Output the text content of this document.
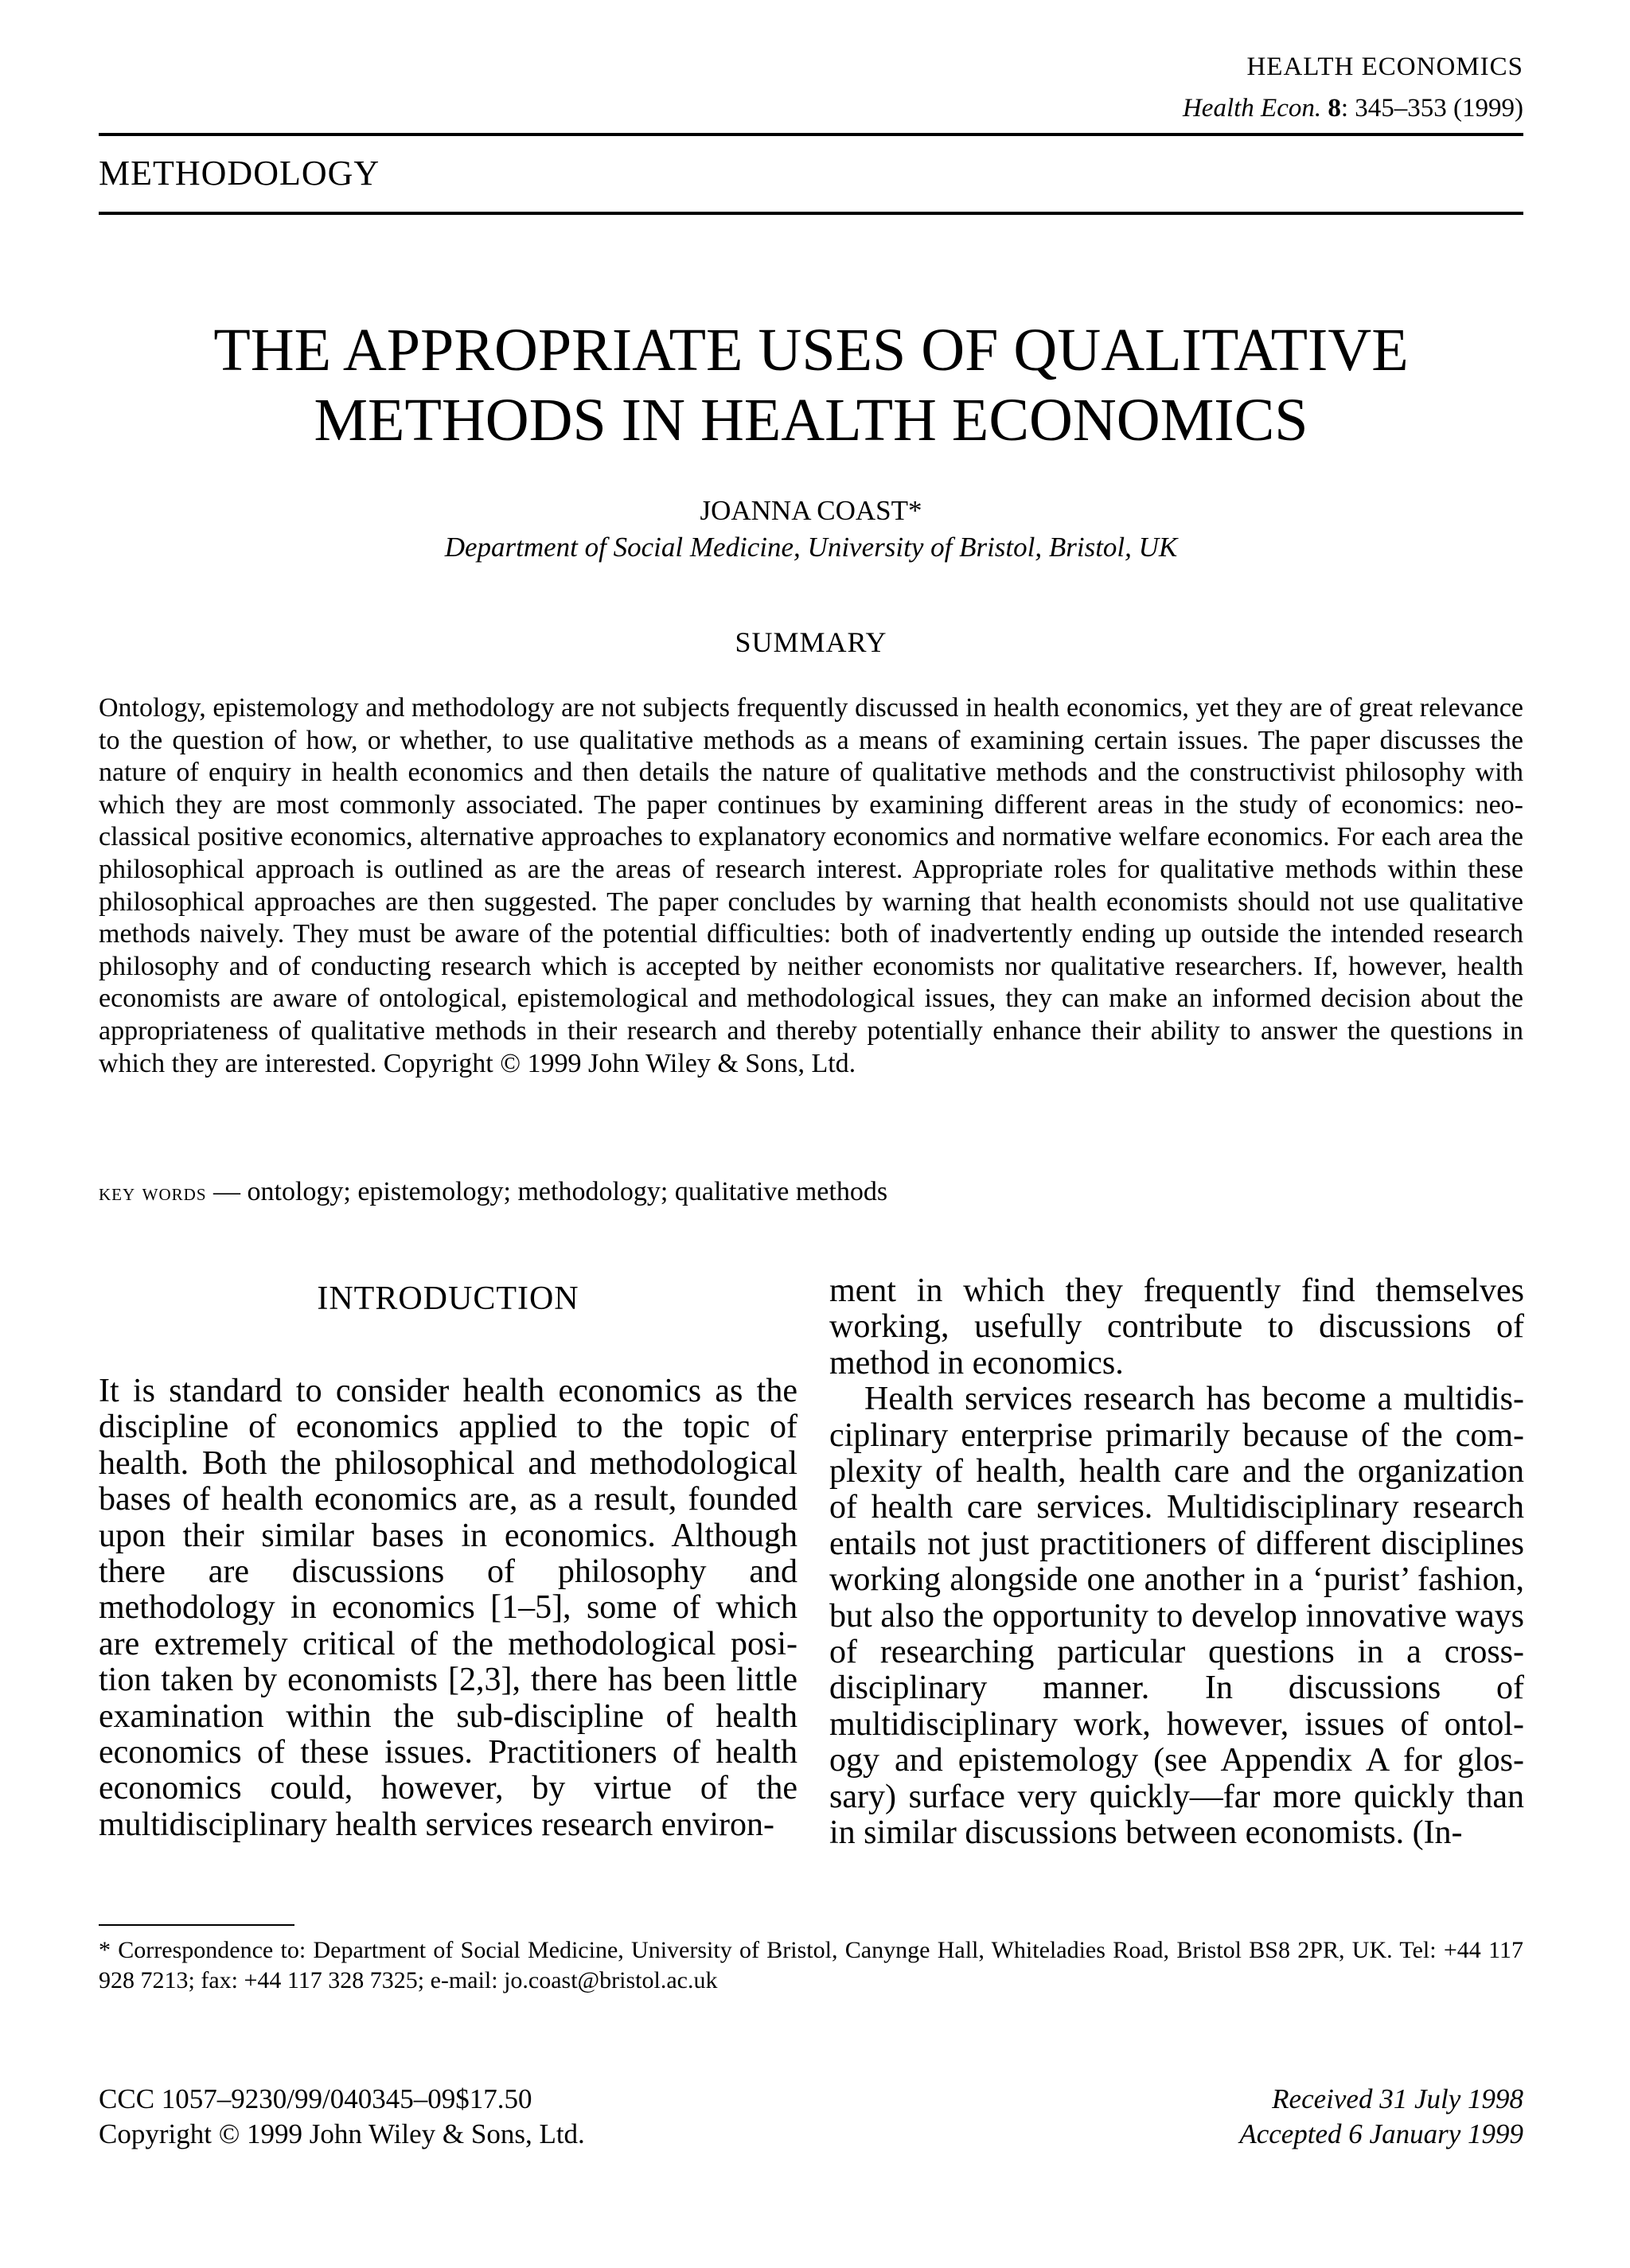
HEALTH ECONOMICS
Health Econ. 8: 345–353 (1999)
METHODOLOGY
THE APPROPRIATE USES OF QUALITATIVE
METHODS IN HEALTH ECONOMICS
JOANNA COAST*
Department of Social Medicine, University of Bristol, Bristol, UK
SUMMARY
Ontology, epistemology and methodology are not subjects frequently discussed in health economics, yet they are of great relevance to the question of how, or whether, to use qualitative methods as a means of examining certain issues. The paper discusses the nature of enquiry in health economics and then details the nature of qualitative methods and the constructivist philosophy with which they are most commonly associated. The paper continues by examining different areas in the study of economics: neo-classical positive economics, alternative approaches to explanatory economics and normative welfare economics. For each area the philosophical approach is outlined as are the areas of research interest. Appropriate roles for qualitative methods within these philosophical approaches are then suggested. The paper concludes by warning that health economists should not use qualitative methods naively. They must be aware of the potential difficulties: both of inadvertently ending up outside the intended research philosophy and of conducting research which is accepted by neither economists nor qualitative researchers. If, however, health economists are aware of ontological, epistemological and methodological issues, they can make an informed decision about the appropriateness of qualitative methods in their research and thereby potentially enhance their ability to answer the questions in which they are interested. Copyright © 1999 John Wiley & Sons, Ltd.
key words — ontology; epistemology; methodology; qualitative methods
INTRODUCTION

It is standard to consider health economics as the discipline of economics applied to the topic of health. Both the philosophical and methodological bases of health economics are, as a result, founded upon their similar bases in economics. Although there are discussions of philosophy and methodology in economics [1–5], some of which are extremely critical of the methodological position taken by economists [2,3], there has been little examination within the sub-discipline of health economics of these issues. Practitioners of health economics could, however, by virtue of the multidisciplinary health services research environ-

ment in which they frequently find themselves working, usefully contribute to discussions of method in economics.

Health services research has become a multidisciplinary enterprise primarily because of the complexity of health, health care and the organization of health care services. Multidisciplinary research entails not just practitioners of different disciplines working alongside one another in a ‘purist’ fashion, but also the opportunity to develop innovative ways of researching particular questions in a cross-disciplinary manner. In discussions of multidisciplinary work, however, issues of ontology and epistemology (see Appendix A for glossary) surface very quickly—far more quickly than in similar discussions between economists. (In-

* Correspondence to: Department of Social Medicine, University of Bristol, Canynge Hall, Whiteladies Road, Bristol BS8 2PR, UK. Tel: +44 117 928 7213; fax: +44 117 328 7325; e-mail: jo.coast@bristol.ac.uk
CCC 1057–9230/99/040345–09$17.50
Copyright © 1999 John Wiley & Sons, Ltd.
Received 31 July 1998
Accepted 6 January 1999
